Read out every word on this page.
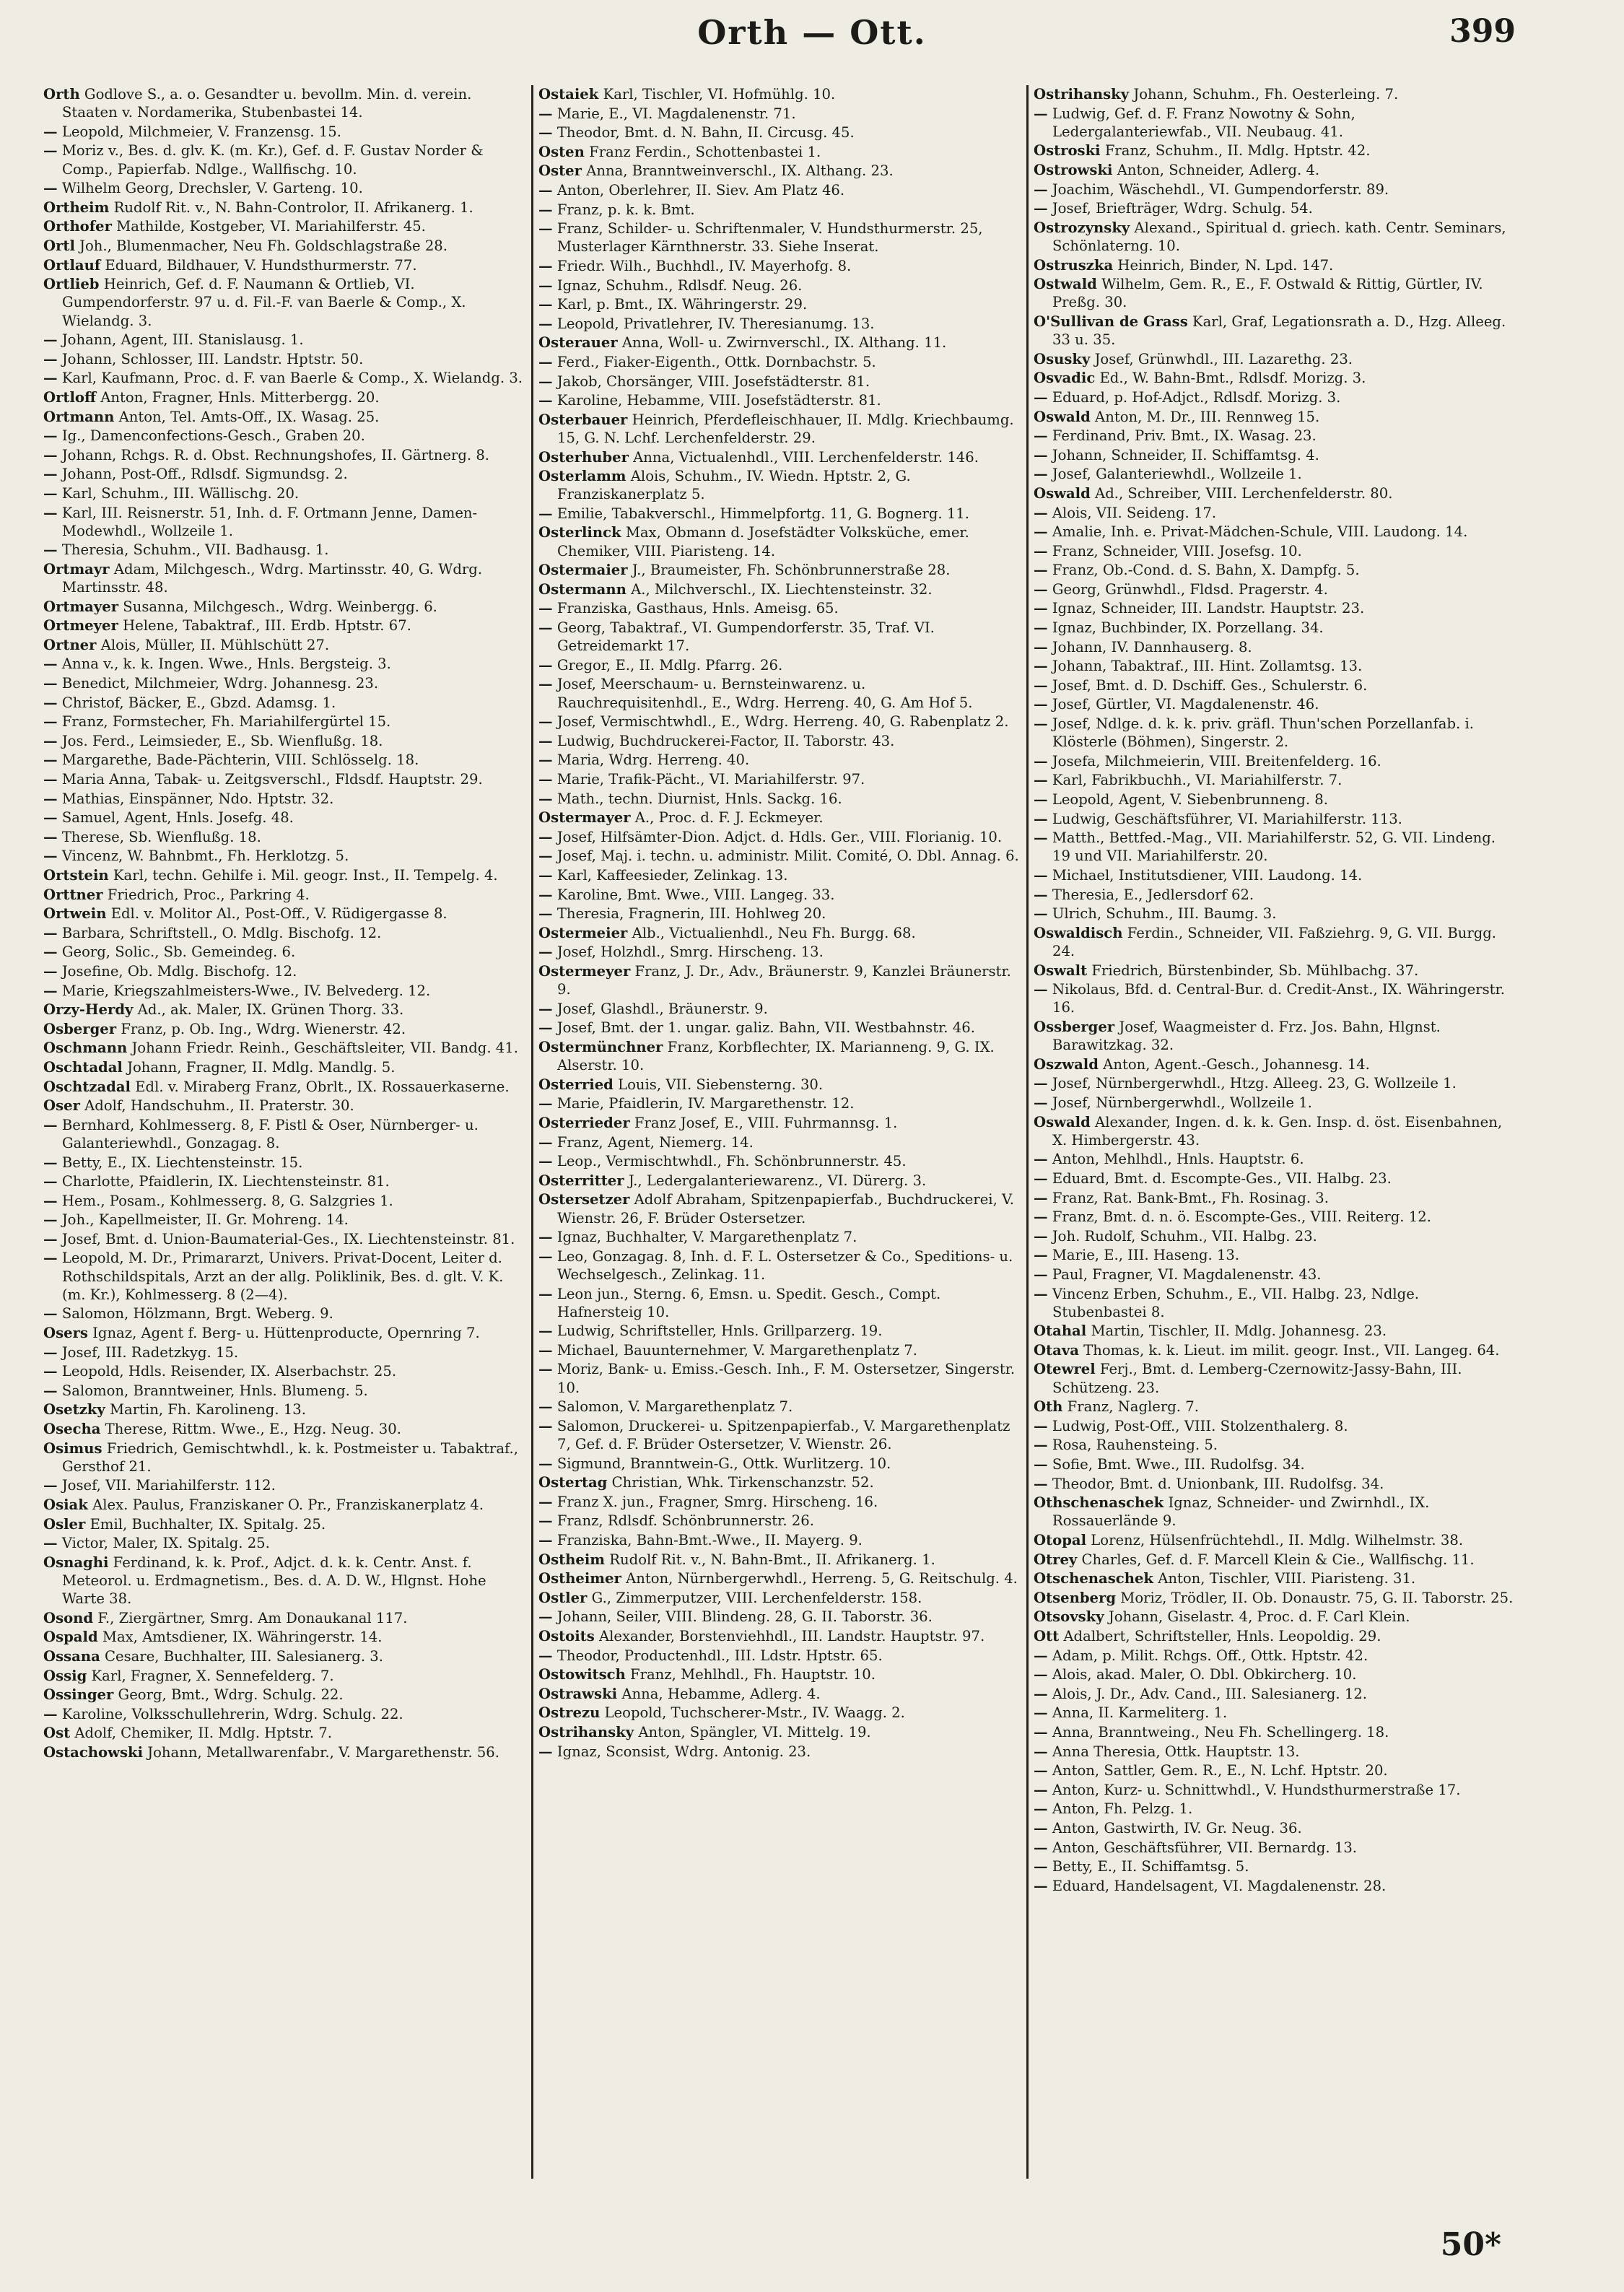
Orth — Ott.	399
Orth Godlove S., a. o. Gesandter u. bevollm. Min. d. verein. Staaten v. Nordamerika, Stubenbastei 14.
— Leopold, Milchmeier, V. Franzensg. 15.
— Moriz v., Bes. d. glv. K. (m. Kr.), Gef. d. F. Gustav Norder & Comp., Papierfab. Ndlge., Wallfischg. 10.
— Wilhelm Georg, Drechsler, V. Garteng. 10.
Ortheim Rudolf Rit. v., N. Bahn-Controlor, II. Afrikanerg. 1.
Orthofer Mathilde, Kostgeber, VI. Mariahilferstr. 45.
Ortl Joh., Blumenmacher, Neu Fh. Goldschlagstraße 28.
Ortlauf Eduard, Bildhauer, V. Hundsthurmerstr. 77.
Ortlieb Heinrich, Gef. d. F. Naumann & Ortlieb, VI. Gumpendorferstr. 97 u. d. Fil.-F. van Baerle & Comp., X. Wielandg. 3.
— Johann, Agent, III. Stanislausg. 1.
— Johann, Schlosser, III. Landstr. Hptstr. 50.
— Karl, Kaufmann, Proc. d. F. van Baerle & Comp., X. Wielandg. 3.
Ortloff Anton, Fragner, Hnls. Mitterbergg. 20.
Ortmann Anton, Tel. Amts-Off., IX. Wasag. 25.
— Ig., Damenconfections-Gesch., Graben 20.
— Johann, Rchgs. R. d. Obst. Rechnungshofes, II. Gärtnerg. 8.
— Johann, Post-Off., Rdlsdf. Sigmundsg. 2.
— Karl, Schuhm., III. Wällischg. 20.
— Karl, III. Reisnerstr. 51, Inh. d. F. Ortmann Jenne, Damen-Modewhdl., Wollzeile 1.
— Theresia, Schuhm., VII. Badhausg. 1.
Ortmayr Adam, Milchgesch., Wdrg. Martinsstr. 40, G. Wdrg. Martinsstr. 48.
Ortmayer Susanna, Milchgesch., Wdrg. Weinbergg. 6.
Ortmeyer Helene, Tabaktraf., III. Erdb. Hptstr. 67.
Ortner Alois, Müller, II. Mühlschütt 27.
— Anna v., k. k. Ingen. Wwe., Hnls. Bergsteig. 3.
— Benedict, Milchmeier, Wdrg. Johannesg. 23.
— Christof, Bäcker, E., Gbzd. Adamsg. 1.
— Franz, Formstecher, Fh. Mariahilfergürtel 15.
— Jos. Ferd., Leimsieder, E., Sb. Wienflußg. 18.
— Margarethe, Bade-Pächterin, VIII. Schlösselg. 18.
— Maria Anna, Tabak- u. Zeitgsverschl., Fldsdf. Hauptstr. 29.
— Mathias, Einspänner, Ndo. Hptstr. 32.
— Samuel, Agent, Hnls. Josefg. 48.
— Therese, Sb. Wienflußg. 18.
— Vincenz, W. Bahnbmt., Fh. Herklotzg. 5.
Ortstein Karl, techn. Gehilfe i. Mil. geogr. Inst., II. Tempelg. 4.
Orttner Friedrich, Proc., Parkring 4.
Ortwein Edl. v. Molitor Al., Post-Off., V. Rüdigergasse 8.
— Barbara, Schriftstell., O. Mdlg. Bischofg. 12.
— Georg, Solic., Sb. Gemeindeg. 6.
— Josefine, Ob. Mdlg. Bischofg. 12.
— Marie, Kriegszahlmeisters-Wwe., IV. Belvederg. 12.
Orzy-Herdy Ad., ak. Maler, IX. Grünen Thorg. 33.
Osberger Franz, p. Ob. Ing., Wdrg. Wienerstr. 42.
Oschmann Johann Friedr. Reinh., Geschäftsleiter, VII. Bandg. 41.
Oschtadal Johann, Fragner, II. Mdlg. Mandlg. 5.
Oschtzadal Edl. v. Miraberg Franz, Obrlt., IX. Rossauerkaserne.
Oser Adolf, Handschuhm., II. Praterstr. 30.
— Bernhard, Kohlmesserg. 8, F. Pistl & Oser, Nürnberger- u. Galanteriewhdl., Gonzagag. 8.
— Betty, E., IX. Liechtensteinstr. 15.
— Charlotte, Pfaidlerin, IX. Liechtensteinstr. 81.
— Hem., Posam., Kohlmesserg. 8, G. Salzgries 1.
— Joh., Kapellmeister, II. Gr. Mohreng. 14.
— Josef, Bmt. d. Union-Baumaterial-Ges., IX. Liechtensteinstr. 81.
— Leopold, M. Dr., Primararzt, Univers. Privat-Docent, Leiter d. Rothschildspitals, Arzt an der allg. Poliklinik, Bes. d. glt. V. K. (m. Kr.), Kohlmesserg. 8 (2—4).
— Salomon, Hölzmann, Brgt. Weberg. 9.
Osers Ignaz, Agent f. Berg- u. Hüttenproducte, Opernring 7.
— Josef, III. Radetzkyg. 15.
— Leopold, Hdls. Reisender, IX. Alserbachstr. 25.
— Salomon, Branntweiner, Hnls. Blumeng. 5.
Osetzky Martin, Fh. Karolineng. 13.
Osecha Therese, Rittm. Wwe., E., Hzg. Neug. 30.
Osimus Friedrich, Gemischtwhdl., k. k. Postmeister u. Tabaktraf., Gersthof 21.
— Josef, VII. Mariahilferstr. 112.
Osiak Alex. Paulus, Franziskaner O. Pr., Franziskanerplatz 4.
Osler Emil, Buchhalter, IX. Spitalg. 25.
— Victor, Maler, IX. Spitalg. 25.
Osnaghi Ferdinand, k. k. Prof., Adjct. d. k. k. Centr. Anst. f. Meteorol. u. Erdmagnetism., Bes. d. A. D. W., Hlgnst. Hohe Warte 38.
Osond F., Ziergärtner, Smrg. Am Donaukanal 117.
Ospald Max, Amtsdiener, IX. Währingerstr. 14.
Ossana Cesare, Buchhalter, III. Salesianerg. 3.
Ossig Karl, Fragner, X. Sennefelderg. 7.
Ossinger Georg, Bmt., Wdrg. Schulg. 22.
— Karoline, Volksschullehrerin, Wdrg. Schulg. 22.
Ost Adolf, Chemiker, II. Mdlg. Hptstr. 7.
Ostachowski Johann, Metallwarenfabr., V. Margarethenstr. 56.
Ostaiek Karl, Tischler, VI. Hofmühlg. 10.
— Marie, E., VI. Magdalenenstr. 71.
— Theodor, Bmt. d. N. Bahn, II. Circusg. 45.
Osten Franz Ferdin., Schottenbastei 1.
Oster Anna, Branntweinverschl., IX. Althang. 23.
— Anton, Oberlehrer, II. Siev. Am Platz 46.
— Franz, p. k. k. Bmt.
— Franz, Schilder- u. Schriftenmaler, V. Hundsthurmerstr. 25, Musterlager Kärnthnerstr. 33. Siehe Inserat.
— Friedr. Wilh., Buchhdl., IV. Mayerhofg. 8.
— Ignaz, Schuhm., Rdlsdf. Neug. 26.
— Karl, p. Bmt., IX. Währingerstr. 29.
— Leopold, Privatlehrer, IV. Theresianumg. 13.
Osterauer Anna, Woll- u. Zwirnverschl., IX. Althang. 11.
— Ferd., Fiaker-Eigenth., Ottk. Dornbachstr. 5.
— Jakob, Chorsänger, VIII. Josefstädterstr. 81.
— Karoline, Hebamme, VIII. Josefstädterstr. 81.
Osterbauer Heinrich, Pferdefleischhauer, II. Mdlg. Kriechbaumg. 15, G. N. Lchf. Lerchenfelderstr. 29.
Osterhuber Anna, Victualenhdl., VIII. Lerchenfelderstr. 146.
Osterlamm Alois, Schuhm., IV. Wiedn. Hptstr. 2, G. Franziskanerplatz 5.
— Emilie, Tabakverschl., Himmelpfortg. 11, G. Bognerg. 11.
Osterlinck Max, Obmann d. Josefstädter Volksküche, emer. Chemiker, VIII. Piaristeng. 14.
Ostermaier J., Braumeister, Fh. Schönbrunnerstraße 28.
Ostermann A., Milchverschl., IX. Liechtensteinstr. 32.
— Franziska, Gasthaus, Hnls. Ameisg. 65.
— Georg, Tabaktraf., VI. Gumpendorferstr. 35, Traf. VI. Getreidemarkt 17.
— Gregor, E., II. Mdlg. Pfarrg. 26.
— Josef, Meerschaum- u. Bernsteinwarenz. u. Rauchrequisitenhdl., E., Wdrg. Herreng. 40, G. Am Hof 5.
— Josef, Vermischtwhdl., E., Wdrg. Herreng. 40, G. Rabenplatz 2.
— Ludwig, Buchdruckerei-Factor, II. Taborstr. 43.
— Maria, Wdrg. Herreng. 40.
— Marie, Trafik-Pächt., VI. Mariahilferstr. 97.
— Math., techn. Diurnist, Hnls. Sackg. 16.
Ostermayer A., Proc. d. F. J. Eckmeyer.
— Josef, Hilfsämter-Dion. Adjct. d. Hdls. Ger., VIII. Florianig. 10.
— Josef, Maj. i. techn. u. administr. Milit. Comité, O. Dbl. Annag. 6.
— Karl, Kaffeesieder, Zelinkag. 13.
— Karoline, Bmt. Wwe., VIII. Langeg. 33.
— Theresia, Fragnerin, III. Hohlweg 20.
Ostermeier Alb., Victualienhdl., Neu Fh. Burgg. 68.
— Josef, Holzhdl., Smrg. Hirscheng. 13.
Ostermeyer Franz, J. Dr., Adv., Bräunerstr. 9, Kanzlei Bräunerstr. 9.
— Josef, Glashdl., Bräunerstr. 9.
— Josef, Bmt. der 1. ungar. galiz. Bahn, VII. Westbahnstr. 46.
Ostermünchner Franz, Korbflechter, IX. Marianneng. 9, G. IX. Alserstr. 10.
Osterried Louis, VII. Siebensterng. 30.
— Marie, Pfaidlerin, IV. Margarethenstr. 12.
Osterrieder Franz Josef, E., VIII. Fuhrmannsg. 1.
— Franz, Agent, Niemerg. 14.
— Leop., Vermischtwhdl., Fh. Schönbrunnerstr. 45.
Osterritter J., Ledergalanteriewarenz., VI. Dürerg. 3.
Ostersetzer Adolf Abraham, Spitzenpapierfab., Buchdruckerei, V. Wienstr. 26, F. Brüder Ostersetzer.
— Ignaz, Buchhalter, V. Margarethenplatz 7.
— Leo, Gonzagag. 8, Inh. d. F. L. Ostersetzer & Co., Speditions- u. Wechselgesch., Zelinkag. 11.
— Leon jun., Sterng. 6, Emsn. u. Spedit. Gesch., Compt. Hafnersteig 10.
— Ludwig, Schriftsteller, Hnls. Grillparzerg. 19.
— Michael, Bauunternehmer, V. Margarethenplatz 7.
— Moriz, Bank- u. Emiss.-Gesch. Inh., F. M. Ostersetzer, Singerstr. 10.
— Salomon, V. Margarethenplatz 7.
— Salomon, Druckerei- u. Spitzenpapierfab., V. Margarethenplatz 7, Gef. d. F. Brüder Ostersetzer, V. Wienstr. 26.
— Sigmund, Branntwein-G., Ottk. Wurlitzerg. 10.
Ostertag Christian, Whk. Tirkenschanzstr. 52.
— Franz X. jun., Fragner, Smrg. Hirscheng. 16.
— Franz, Rdlsdf. Schönbrunnerstr. 26.
— Franziska, Bahn-Bmt.-Wwe., II. Mayerg. 9.
Ostheim Rudolf Rit. v., N. Bahn-Bmt., II. Afrikanerg. 1.
Ostheimer Anton, Nürnbergerwhdl., Herreng. 5, G. Reitschulg. 4.
Ostler G., Zimmerputzer, VIII. Lerchenfelderstr. 158.
— Johann, Seiler, VIII. Blindeng. 28, G. II. Taborstr. 36.
Ostoits Alexander, Borstenviehhdl., III. Landstr. Hauptstr. 97.
— Theodor, Productenhdl., III. Ldstr. Hptstr. 65.
Ostowitsch Franz, Mehlhdl., Fh. Hauptstr. 10.
Ostrawski Anna, Hebamme, Adlerg. 4.
Ostrezu Leopold, Tuchscherer-Mstr., IV. Waagg. 2.
Ostrihansky Anton, Spängler, VI. Mittelg. 19.
— Ignaz, Sconsist, Wdrg. Antonig. 23.
Ostrihansky Johann, Schuhm., Fh. Oesterleing. 7.
— Ludwig, Gef. d. F. Franz Nowotny & Sohn, Ledergalanteriewfab., VII. Neubaug. 41.
Ostroski Franz, Schuhm., II. Mdlg. Hptstr. 42.
Ostrowski Anton, Schneider, Adlerg. 4.
— Joachim, Wäschehdl., VI. Gumpendorferstr. 89.
— Josef, Briefträger, Wdrg. Schulg. 54.
Ostrozynsky Alexand., Spiritual d. griech. kath. Centr. Seminars, Schönlaterng. 10.
Ostruszka Heinrich, Binder, N. Lpd. 147.
Ostwald Wilhelm, Gem. R., E., F. Ostwald & Rittig, Gürtler, IV. Preßg. 30.
O'Sullivan de Grass Karl, Graf, Legationsrath a. D., Hzg. Alleeg. 33 u. 35.
Osusky Josef, Grünwhdl., III. Lazarethg. 23.
Osvadic Ed., W. Bahn-Bmt., Rdlsdf. Morizg. 3.
— Eduard, p. Hof-Adjct., Rdlsdf. Morizg. 3.
Oswald Anton, M. Dr., III. Rennweg 15.
— Ferdinand, Priv. Bmt., IX. Wasag. 23.
— Johann, Schneider, II. Schiffamtsg. 4.
— Josef, Galanteriewhdl., Wollzeile 1.
Oswald Ad., Schreiber, VIII. Lerchenfelderstr. 80.
— Alois, VII. Seideng. 17.
— Amalie, Inh. e. Privat-Mädchen-Schule, VIII. Laudong. 14.
— Franz, Schneider, VIII. Josefsg. 10.
— Franz, Ob.-Cond. d. S. Bahn, X. Dampfg. 5.
— Georg, Grünwhdl., Fldsd. Pragerstr. 4.
— Ignaz, Schneider, III. Landstr. Hauptstr. 23.
— Ignaz, Buchbinder, IX. Porzellang. 34.
— Johann, IV. Dannhauserg. 8.
— Johann, Tabaktraf., III. Hint. Zollamtsg. 13.
— Josef, Bmt. d. D. Dschiff. Ges., Schulerstr. 6.
— Josef, Gürtler, VI. Magdalenenstr. 46.
— Josef, Ndlge. d. k. k. priv. gräfl. Thun'schen Porzellanfab. i. Klösterle (Böhmen), Singerstr. 2.
— Josefa, Milchmeierin, VIII. Breitenfelderg. 16.
— Karl, Fabrikbuchh., VI. Mariahilferstr. 7.
— Leopold, Agent, V. Siebenbrunneng. 8.
— Ludwig, Geschäftsführer, VI. Mariahilferstr. 113.
— Matth., Bettfed.-Mag., VII. Mariahilferstr. 52, G. VII. Lindeng. 19 und VII. Mariahilferstr. 20.
— Michael, Institutsdiener, VIII. Laudong. 14.
— Theresia, E., Jedlersdorf 62.
— Ulrich, Schuhm., III. Baumg. 3.
Oswaldisch Ferdin., Schneider, VII. Faßziehrg. 9, G. VII. Burgg. 24.
Oswalt Friedrich, Bürstenbinder, Sb. Mühlbachg. 37.
— Nikolaus, Bfd. d. Central-Bur. d. Credit-Anst., IX. Währingerstr. 16.
Ossberger Josef, Waagmeister d. Frz. Jos. Bahn, Hlgnst. Barawitzkag. 32.
Oszwald Anton, Agent.-Gesch., Johannesg. 14.
— Josef, Nürnbergerwhdl., Htzg. Alleeg. 23, G. Wollzeile 1.
— Josef, Nürnbergerwhdl., Wollzeile 1.
Oswald Alexander, Ingen. d. k. k. Gen. Insp. d. öst. Eisenbahnen, X. Himbergerstr. 43.
— Anton, Mehlhdl., Hnls. Hauptstr. 6.
— Eduard, Bmt. d. Escompte-Ges., VII. Halbg. 23.
— Franz, Rat. Bank-Bmt., Fh. Rosinag. 3.
— Franz, Bmt. d. n. ö. Escompte-Ges., VIII. Reiterg. 12.
— Joh. Rudolf, Schuhm., VII. Halbg. 23.
— Marie, E., III. Haseng. 13.
— Paul, Fragner, VI. Magdalenenstr. 43.
— Vincenz Erben, Schuhm., E., VII. Halbg. 23, Ndlge. Stubenbastei 8.
Otahal Martin, Tischler, II. Mdlg. Johannesg. 23.
Otava Thomas, k. k. Lieut. im milit. geogr. Inst., VII. Langeg. 64.
Otewrel Ferj., Bmt. d. Lemberg-Czernowitz-Jassy-Bahn, III. Schützeng. 23.
Oth Franz, Naglerg. 7.
— Ludwig, Post-Off., VIII. Stolzenthalerg. 8.
— Rosa, Rauhensteing. 5.
— Sofie, Bmt. Wwe., III. Rudolfsg. 34.
— Theodor, Bmt. d. Unionbank, III. Rudolfsg. 34.
Othschenaschek Ignaz, Schneider- und Zwirnhdl., IX. Rossauerlände 9.
Otopal Lorenz, Hülsenfrüchtehdl., II. Mdlg. Wilhelmstr. 38.
Otrey Charles, Gef. d. F. Marcell Klein & Cie., Wallfischg. 11.
Otschenaschek Anton, Tischler, VIII. Piaristeng. 31.
Otsenberg Moriz, Trödler, II. Ob. Donaustr. 75, G. II. Taborstr. 25.
Otsovsky Johann, Giselastr. 4, Proc. d. F. Carl Klein.
Ott Adalbert, Schriftsteller, Hnls. Leopoldig. 29.
— Adam, p. Milit. Rchgs. Off., Ottk. Hptstr. 42.
— Alois, akad. Maler, O. Dbl. Obkircherg. 10.
— Alois, J. Dr., Adv. Cand., III. Salesianerg. 12.
— Anna, II. Karmeliterg. 1.
— Anna, Branntweing., Neu Fh. Schellingerg. 18.
— Anna Theresia, Ottk. Hauptstr. 13.
— Anton, Sattler, Gem. R., E., N. Lchf. Hptstr. 20.
— Anton, Kurz- u. Schnittwhdl., V. Hundsthurmerstraße 17.
— Anton, Fh. Pelzg. 1.
— Anton, Gastwirth, IV. Gr. Neug. 36.
— Anton, Geschäftsführer, VII. Bernardg. 13.
— Betty, E., II. Schiffamtsg. 5.
— Eduard, Handelsagent, VI. Magdalenenstr. 28.
50*
